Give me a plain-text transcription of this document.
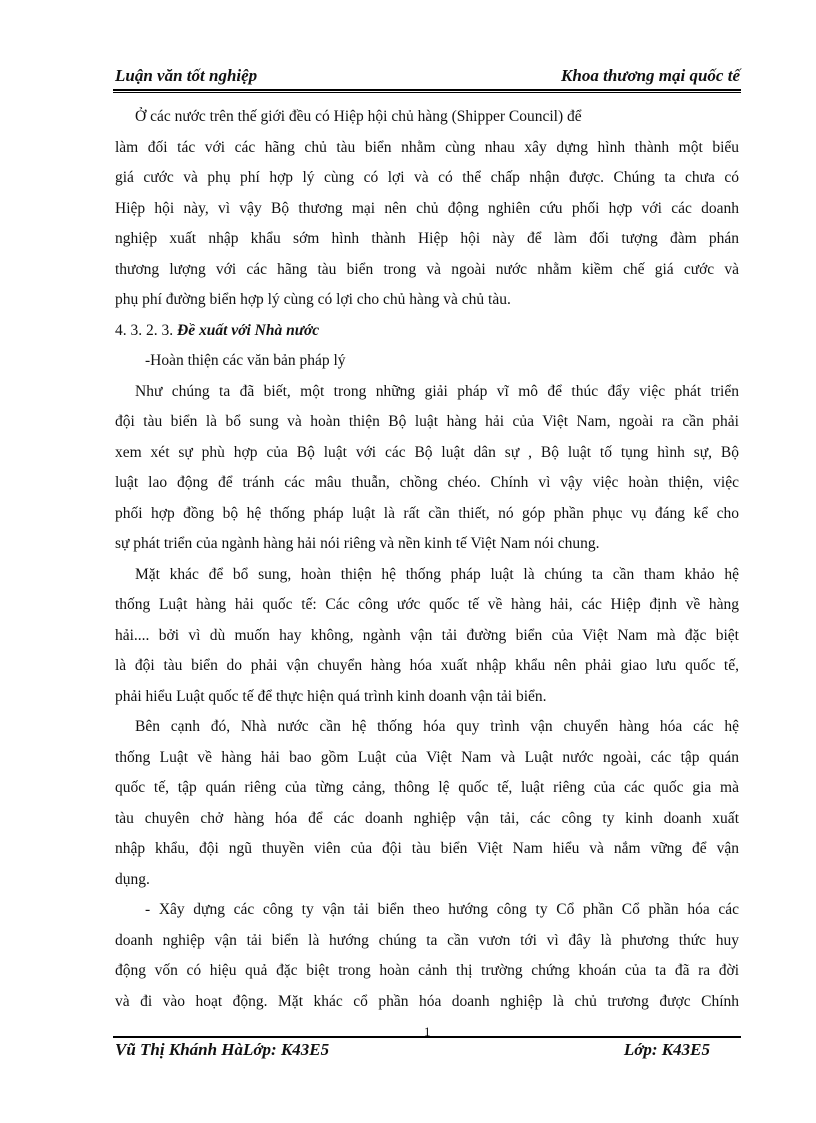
Luận văn tốt nghiệp	Khoa thương mại quốc tế
Ở các nước trên thế giới đều có Hiệp hội chủ hàng (Shipper Council) để
làm đối tác với các hãng chủ tàu biển nhằm cùng nhau xây dựng hình thành một biểu
giá cước và phụ phí hợp lý cùng có lợi và có thể chấp nhận được. Chúng ta chưa có
Hiệp hội này, vì vậy Bộ thương mại nên chủ động nghiên cứu phối hợp với các doanh
nghiệp xuất nhập khẩu sớm hình thành Hiệp hội này để làm đối tượng đàm phán
thương lượng với các hãng tàu biển trong và ngoài nước nhằm kiềm chế giá cước và
phụ phí đường biển hợp lý cùng có lợi cho chủ hàng và chủ tàu.
4. 3. 2. 3. Đề xuất với Nhà nước
-Hoàn thiện các văn bản pháp lý
Như chúng ta đã biết, một trong những giải pháp vĩ mô để thúc đẩy việc phát triển
đội tàu biển là bổ sung và hoàn thiện Bộ luật hàng hải của Việt Nam, ngoài ra cần phải
xem xét sự phù hợp của Bộ luật với các Bộ luật dân sự , Bộ luật tố tụng hình sự, Bộ
luật lao động để tránh các mâu thuẫn, chồng chéo. Chính vì vậy việc hoàn thiện, việc
phối hợp đồng bộ hệ thống pháp luật là rất cần thiết, nó góp phần phục vụ đáng kể cho
sự phát triển của ngành hàng hải nói riêng và nền kinh tế Việt Nam nói chung.
Mặt khác để bổ sung, hoàn thiện hệ thống pháp luật là chúng ta cần tham khảo hệ
thống Luật hàng hải quốc tế: Các công ước quốc tế về hàng hải, các Hiệp định về hàng
hải.... bởi vì dù muốn hay không, ngành vận tải đường biển của Việt Nam mà đặc biệt
là đội tàu biển do phải vận chuyển hàng hóa xuất nhập khẩu nên phải giao lưu quốc tế,
phải hiểu Luật quốc tế để thực hiện quá trình kinh doanh vận tải biển.
Bên cạnh đó, Nhà nước cần hệ thống hóa quy trình vận chuyển hàng hóa các hệ
thống Luật về hàng hải bao gồm Luật của Việt Nam và Luật nước ngoài, các tập quán
quốc tế, tập quán riêng của từng cảng, thông lệ quốc tế, luật riêng của các quốc gia mà
tàu chuyên chở hàng hóa để các doanh nghiệp vận tải, các công ty kinh doanh xuất
nhập khẩu, đội ngũ thuyền viên của đội tàu biển Việt Nam hiểu và nắm vững để vận
dụng.
- Xây dựng các công ty vận tải biển theo hướng công ty Cổ phần Cổ phần hóa các
doanh nghiệp vận tải biển là hướng chúng ta cần vươn tới vì đây là phương thức huy
động vốn có hiệu quả đặc biệt trong hoàn cảnh thị trường chứng khoán của ta đã ra đời
và đi vào hoạt động. Mặt khác cổ phần hóa doanh nghiệp là chủ trương được Chính
1
Vũ Thị Khánh HàLớp: K43E5	Lớp: K43E5
